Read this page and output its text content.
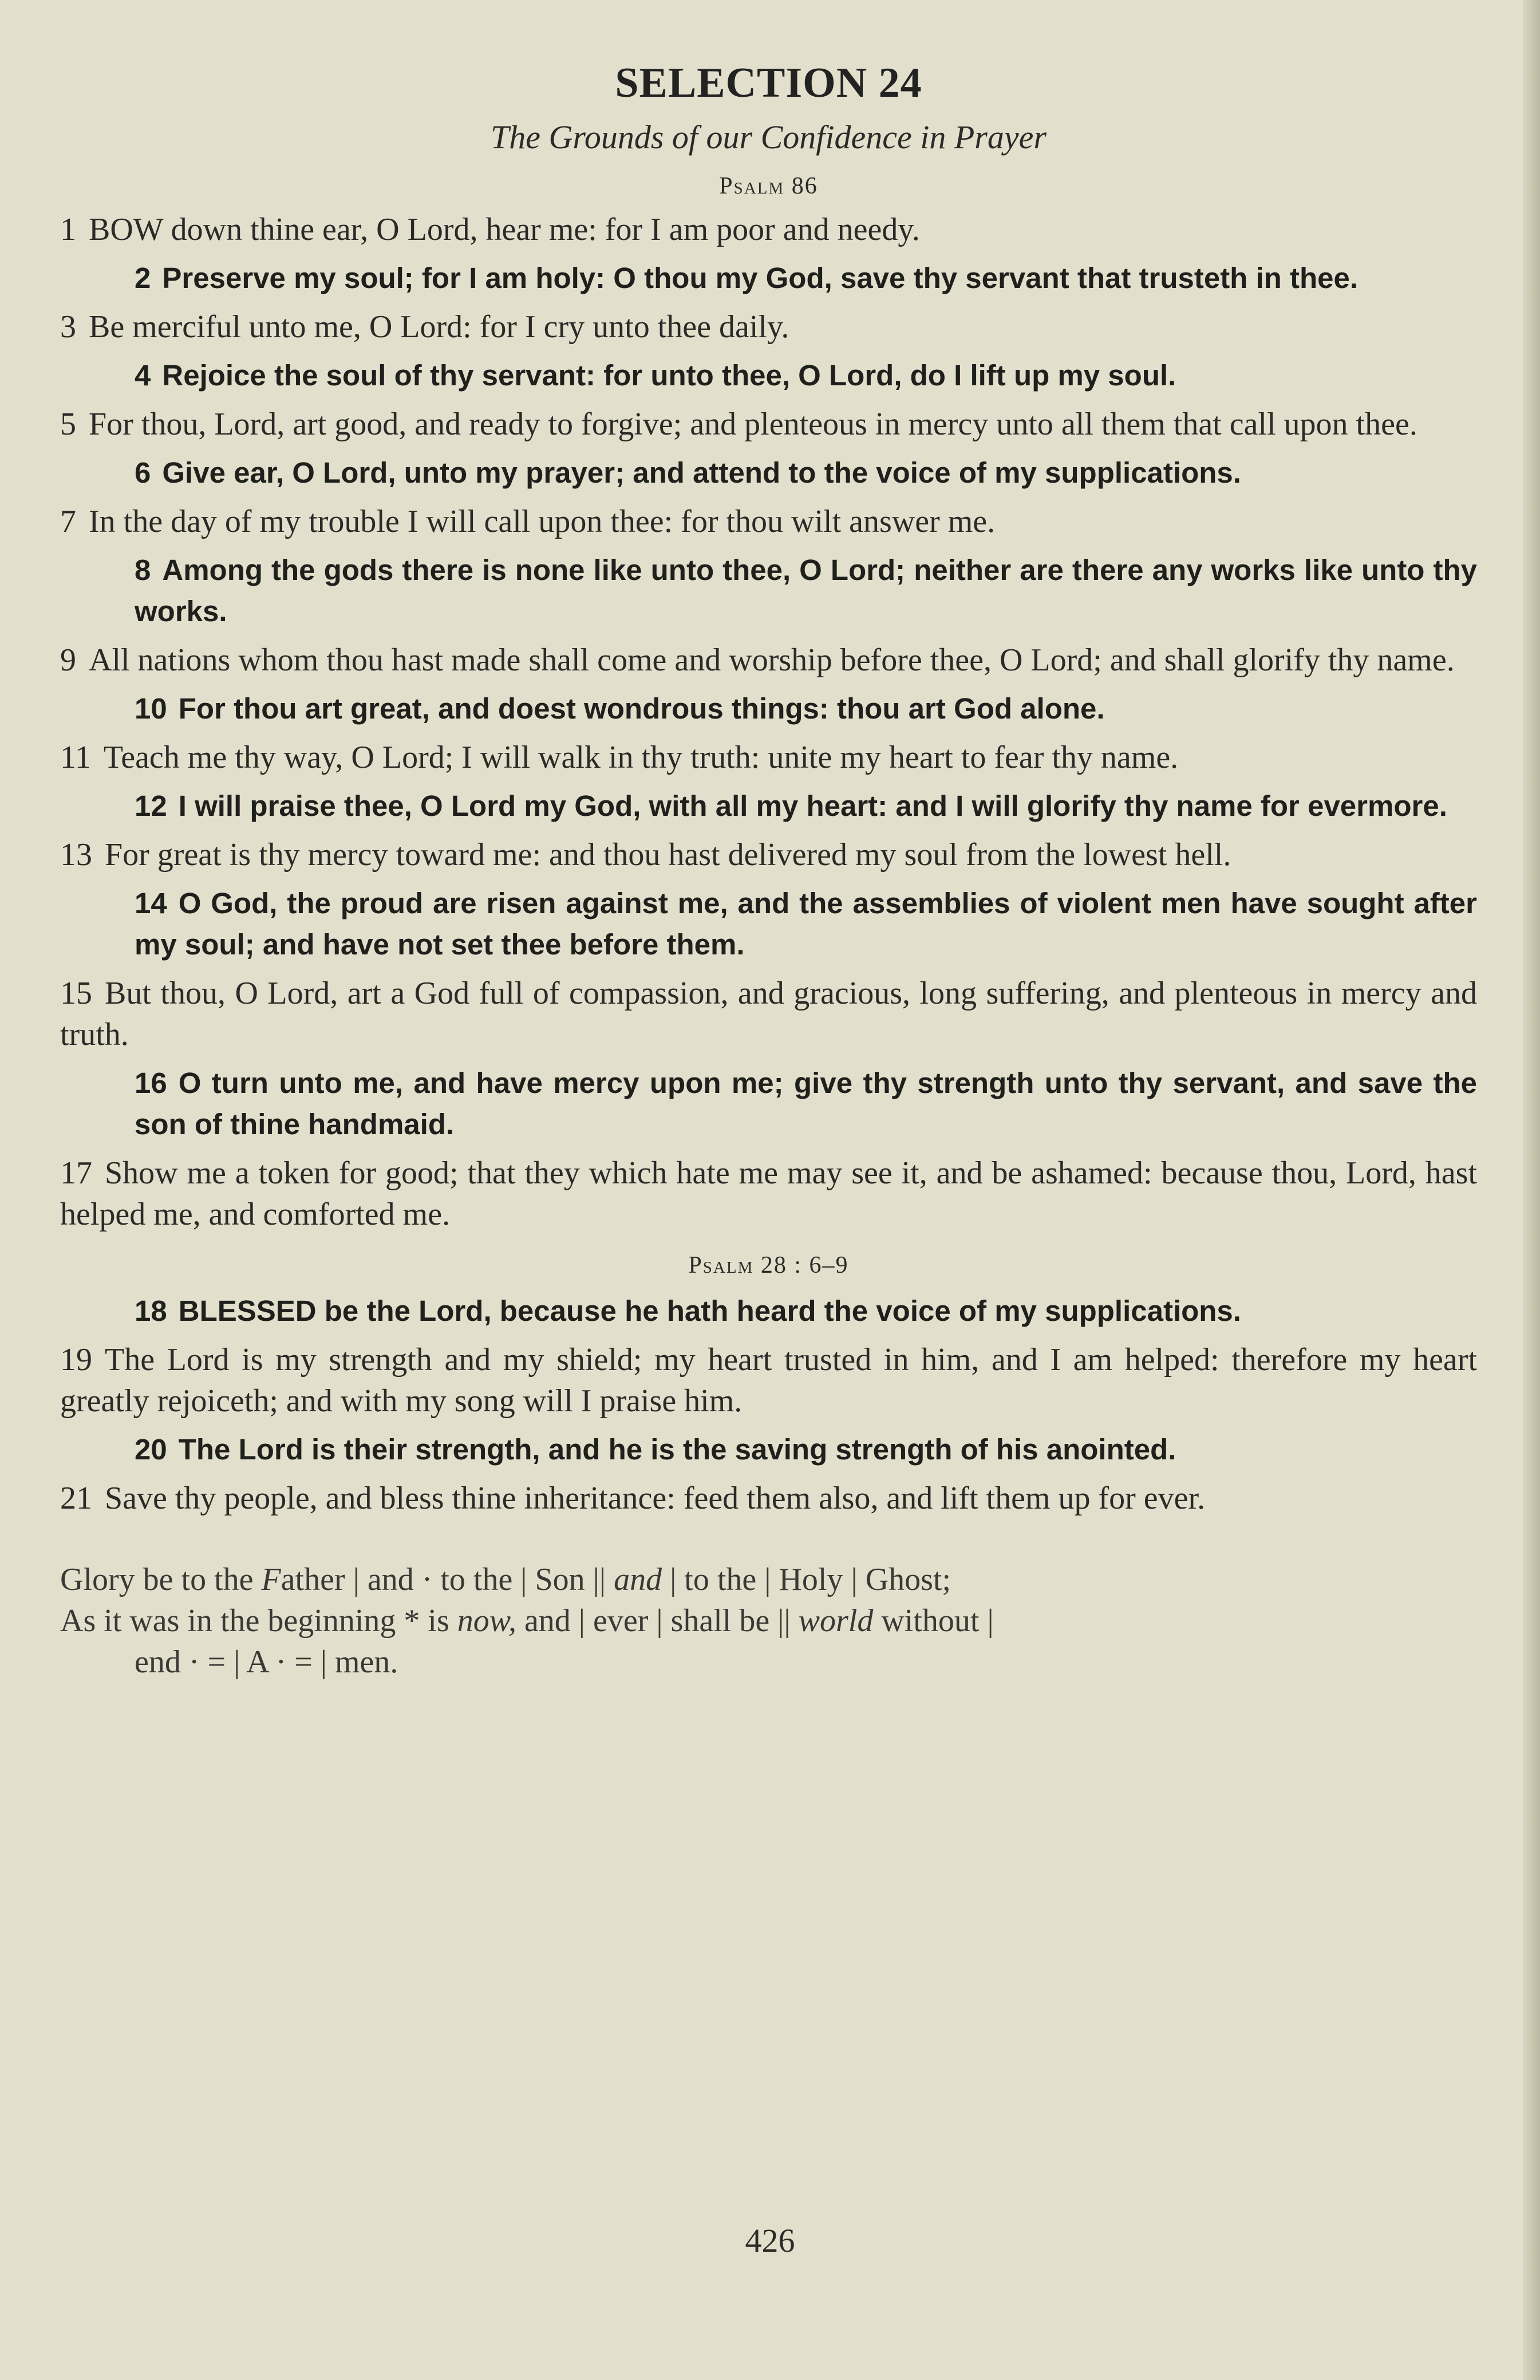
SELECTION 24

The Grounds of our Confidence in Prayer

Psalm 86

1 BOW down thine ear, O Lord, hear me: for I am poor and needy.

2 Preserve my soul; for I am holy: O thou my God, save thy servant that trusteth in thee.

3 Be merciful unto me, O Lord: for I cry unto thee daily.

4 Rejoice the soul of thy servant: for unto thee, O Lord, do I lift up my soul.

5 For thou, Lord, art good, and ready to forgive; and plenteous in mercy unto all them that call upon thee.

6 Give ear, O Lord, unto my prayer; and attend to the voice of my supplications.

7 In the day of my trouble I will call upon thee: for thou wilt answer me.

8 Among the gods there is none like unto thee, O Lord; neither are there any works like unto thy works.

9 All nations whom thou hast made shall come and worship before thee, O Lord; and shall glorify thy name.

10 For thou art great, and doest wondrous things: thou art God alone.

11 Teach me thy way, O Lord; I will walk in thy truth: unite my heart to fear thy name.

12 I will praise thee, O Lord my God, with all my heart: and I will glorify thy name for evermore.

13 For great is thy mercy toward me: and thou hast delivered my soul from the lowest hell.

14 O God, the proud are risen against me, and the assemblies of violent men have sought after my soul; and have not set thee before them.

15 But thou, O Lord, art a God full of compassion, and gracious, long suffering, and plenteous in mercy and truth.

16 O turn unto me, and have mercy upon me; give thy strength unto thy servant, and save the son of thine handmaid.

17 Show me a token for good; that they which hate me may see it, and be ashamed: because thou, Lord, hast helped me, and comforted me.

Psalm 28 : 6–9

18 BLESSED be the Lord, because he hath heard the voice of my supplications.

19 The Lord is my strength and my shield; my heart trusted in him, and I am helped: therefore my heart greatly rejoiceth; and with my song will I praise him.

20 The Lord is their strength, and he is the saving strength of his anointed.

21 Save thy people, and bless thine inheritance: feed them also, and lift them up for ever.

Glory be to the Father | and · to the | Son || and | to the | Holy | Ghost;
As it was in the beginning * is now, and | ever | shall be || world without |
end · = | A · = | men.
426
